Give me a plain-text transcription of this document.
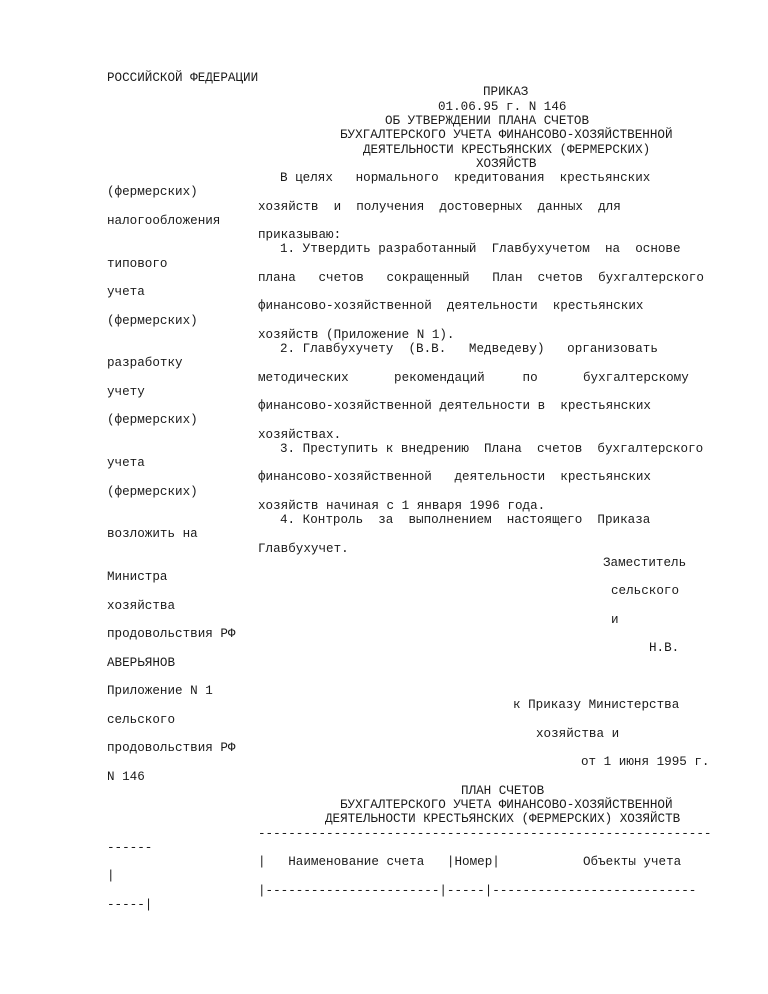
РОССИЙСКОЙ ФЕДЕРАЦИИ
ПРИКАЗ
01.06.95 г. N 146
ОБ УТВЕРЖДЕНИИ ПЛАНА СЧЕТОВ
БУХГАЛТЕРСКОГО УЧЕТА ФИНАНСОВО-ХОЗЯЙСТВЕННОЙ
ДЕЯТЕЛЬНОСТИ КРЕСТЬЯНСКИХ (ФЕРМЕРСКИХ)
ХОЗЯЙСТВ
В целях   нормального  кредитования  крестьянских
(фермерских)
хозяйств  и  получения  достоверных  данных  для
налогообложения
приказываю:
1. Утвердить разработанный  Главбухучетом  на  основе
типового
плана   счетов   сокращенный   План  счетов  бухгалтерского
учета
финансово-хозяйственной  деятельности  крестьянских
(фермерских)
хозяйств (Приложение N 1).
2. Главбухучету  (В.В.   Медведеву)   организовать
разработку
методических      рекомендаций     по      бухгалтерскому
учету
финансово-хозяйственной деятельности в  крестьянских
(фермерских)
хозяйствах.
3. Преступить к внедрению  Плана  счетов  бухгалтерского
учета
финансово-хозяйственной   деятельности  крестьянских
(фермерских)
хозяйств начиная с 1 января 1996 года.
4. Контроль  за  выполнением  настоящего  Приказа
возложить на
Главбухучет.
Заместитель
Министра
сельского
хозяйства
и
продовольствия РФ
Н.В.
АВЕРЬЯНОВ
Приложение N 1
к Приказу Министерства
сельского
хозяйства и
продовольствия РФ
от 1 июня 1995 г.
N 146
ПЛАН СЧЕТОВ
БУХГАЛТЕРСКОГО УЧЕТА ФИНАНСОВО-ХОЗЯЙСТВЕННОЙ
ДЕЯТЕЛЬНОСТИ КРЕСТЬЯНСКИХ (ФЕРМЕРСКИХ) ХОЗЯЙСТВ
------------------------------------------------------------
------
|   Наименование счета   |Номер|           Объекты учета
|
|-----------------------|-----|---------------------------
-----|
